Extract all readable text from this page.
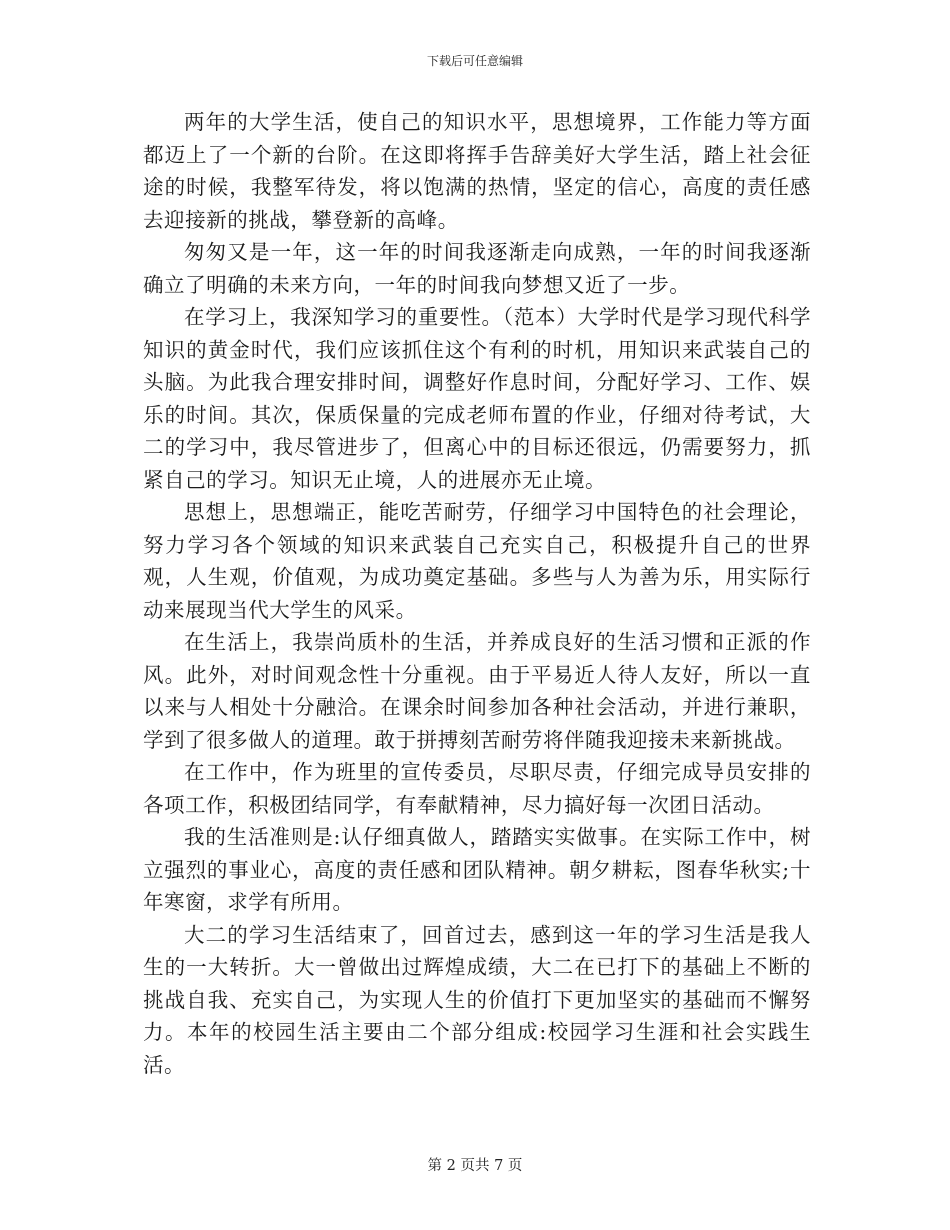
下载后可任意编辑

两年的大学生活，使自己的知识水平，思想境界，工作能力等方面都迈上了一个新的台阶。在这即将挥手告辞美好大学生活，踏上社会征途的时候，我整军待发，将以饱满的热情，坚定的信心，高度的责任感去迎接新的挑战，攀登新的高峰。

匆匆又是一年，这一年的时间我逐渐走向成熟，一年的时间我逐渐确立了明确的未来方向，一年的时间我向梦想又近了一步。

在学习上，我深知学习的重要性。（范本）大学时代是学习现代科学知识的黄金时代，我们应该抓住这个有利的时机，用知识来武装自己的头脑。为此我合理安排时间，调整好作息时间，分配好学习、工作、娱乐的时间。其次，保质保量的完成老师布置的作业，仔细对待考试，大二的学习中，我尽管进步了，但离心中的目标还很远，仍需要努力，抓紧自己的学习。知识无止境，人的进展亦无止境。

思想上，思想端正，能吃苦耐劳，仔细学习中国特色的社会理论，努力学习各个领域的知识来武装自己充实自己，积极提升自己的世界观，人生观，价值观，为成功奠定基础。多些与人为善为乐，用实际行动来展现当代大学生的风采。

在生活上，我崇尚质朴的生活，并养成良好的生活习惯和正派的作风。此外，对时间观念性十分重视。由于平易近人待人友好，所以一直以来与人相处十分融洽。在课余时间参加各种社会活动，并进行兼职，学到了很多做人的道理。敢于拼搏刻苦耐劳将伴随我迎接未来新挑战。

在工作中，作为班里的宣传委员，尽职尽责，仔细完成导员安排的各项工作，积极团结同学，有奉献精神，尽力搞好每一次团日活动。

我的生活准则是:认仔细真做人，踏踏实实做事。在实际工作中，树立强烈的事业心，高度的责任感和团队精神。朝夕耕耘，图春华秋实;十年寒窗，求学有所用。

大二的学习生活结束了，回首过去，感到这一年的学习生活是我人生的一大转折。大一曾做出过辉煌成绩，大二在已打下的基础上不断的挑战自我、充实自己，为实现人生的价值打下更加坚实的基础而不懈努力。本年的校园生活主要由二个部分组成:校园学习生涯和社会实践生活。

第 2 页共 7 页
